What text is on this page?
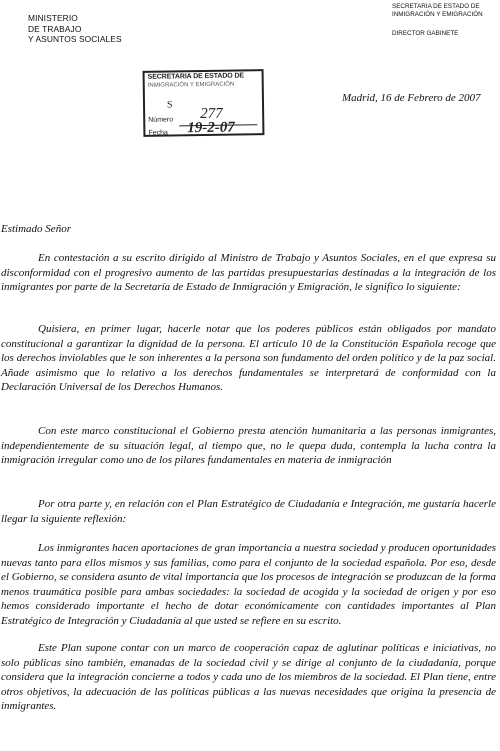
MINISTERIO
DE TRABAJO
Y ASUNTOS SOCIALES
SECRETARIA DE ESTADO DE
INMIGRACIÓN Y EMIGRACIÓN
DIRECTOR GABINETE
SECRETARIA DE ESTADO DE
INMIGRACIÓN Y EMIGRACIÓN
S
Número 277
Fecha 19-2-07
Madrid, 16 de Febrero de 2007
Estimado Señor

En contestación a su escrito dirigido al Ministro de Trabajo y Asuntos Sociales, en el que expresa su disconformidad con el progresivo aumento de las partidas presupuestarias destinadas a la integración de los inmigrantes por parte de la Secretaría de Estado de Inmigración y Emigración, le significo lo siguiente:

Quisiera, en primer lugar, hacerle notar que los poderes públicos están obligados por mandato constitucional a garantizar la dignidad de la persona. El artículo 10 de la Constitución Española recoge que los derechos inviolables que le son inherentes a la persona son fundamento del orden político y de la paz social. Añade asimismo que lo relativo a los derechos fundamentales se interpretará de conformidad con la Declaración Universal de los Derechos Humanos.

Con este marco constitucional el Gobierno presta atención humanitaria a las personas inmigrantes, independientemente de su situación legal, al tiempo que, no le quepa duda, contempla la lucha contra la inmigración irregular como uno de los pilares fundamentales en materia de inmigración

Por otra parte y, en relación con el Plan Estratégico de Ciudadanía e Integración, me gustaría hacerle llegar la siguiente reflexión:

Los inmigrantes hacen aportaciones de gran importancia a nuestra sociedad y producen oportunidades nuevas tanto para ellos mismos y sus familias, como para el conjunto de la sociedad española. Por eso, desde el Gobierno, se considera asunto de vital importancia que los procesos de integración se produzcan de la forma menos traumática posible para ambas sociedades: la sociedad de acogida y la sociedad de origen y por eso hemos considerado importante el hecho de dotar económicamente con cantidades importantes al Plan Estratégico de Integración y Ciudadanía al que usted se refiere en su escrito.

Este Plan supone contar con un marco de cooperación capaz de aglutinar políticas e iniciativas, no solo públicas sino también, emanadas de la sociedad civil y se dirige al conjunto de la ciudadanía, porque considera que la integración concierne a todos y cada uno de los miembros de la sociedad. El Plan tiene, entre otros objetivos, la adecuación de las políticas públicas a las nuevas necesidades que origina la presencia de inmigrantes.
